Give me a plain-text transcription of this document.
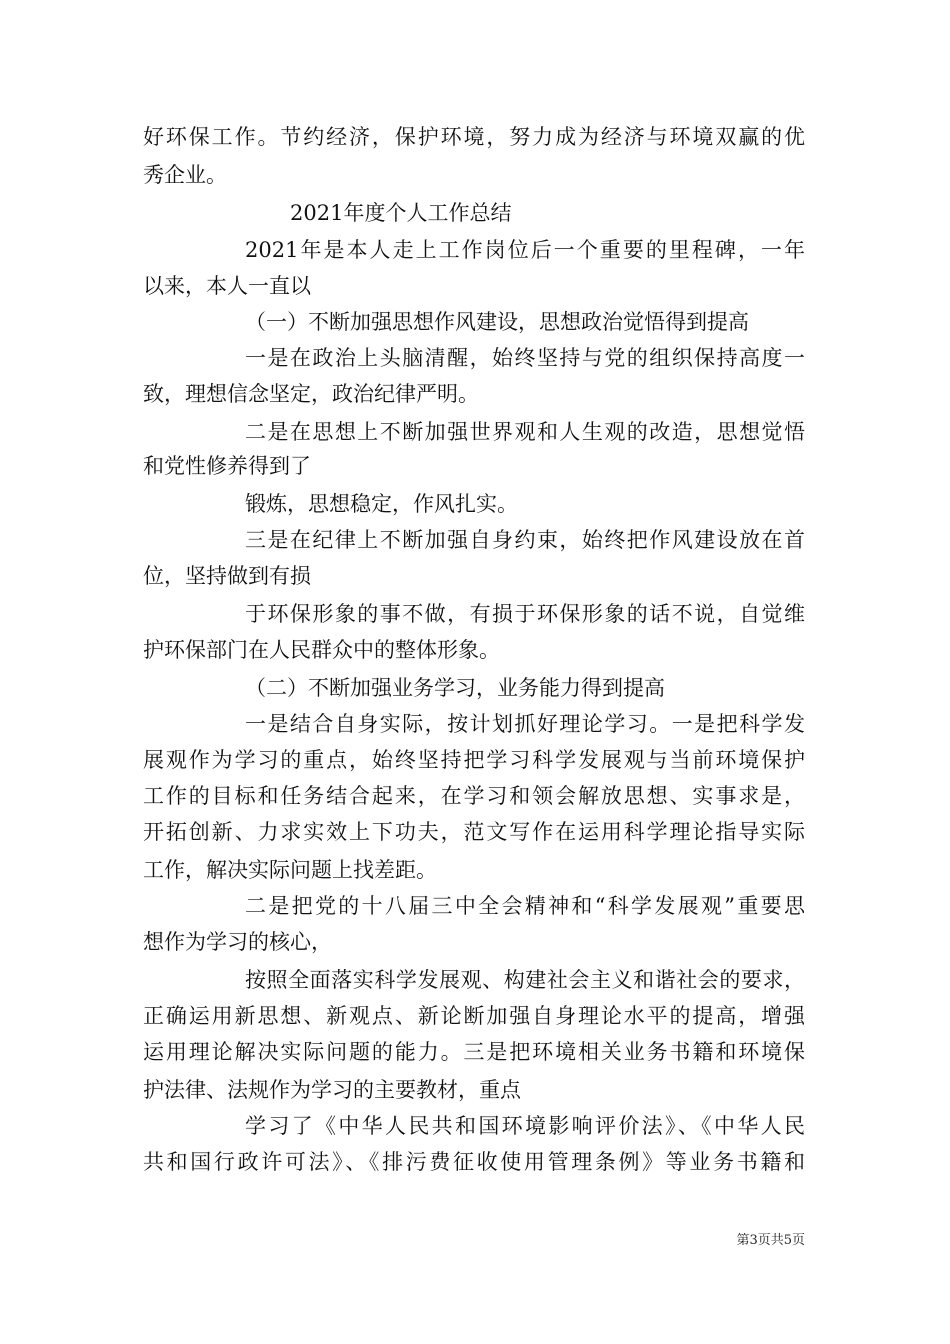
好环保工作。节约经济，保护环境，努力成为经济与环境双赢的优
秀企业。
2021年度个人工作总结
2021年是本人走上工作岗位后一个重要的里程碑，一年
以来，本人一直以
（一）不断加强思想作风建设，思想政治觉悟得到提高
一是在政治上头脑清醒，始终坚持与党的组织保持高度一
致，理想信念坚定，政治纪律严明。
二是在思想上不断加强世界观和人生观的改造，思想觉悟
和党性修养得到了
锻炼，思想稳定，作风扎实。
三是在纪律上不断加强自身约束，始终把作风建设放在首
位，坚持做到有损
于环保形象的事不做，有损于环保形象的话不说，自觉维
护环保部门在人民群众中的整体形象。
（二）不断加强业务学习，业务能力得到提高
一是结合自身实际，按计划抓好理论学习。一是把科学发
展观作为学习的重点，始终坚持把学习科学发展观与当前环境保护
工作的目标和任务结合起来，在学习和领会解放思想、实事求是，
开拓创新、力求实效上下功夫，范文写作在运用科学理论指导实际
工作，解决实际问题上找差距。
二是把党的十八届三中全会精神和“科学发展观”重要思
想作为学习的核心，
按照全面落实科学发展观、构建社会主义和谐社会的要求，
正确运用新思想、新观点、新论断加强自身理论水平的提高，增强
运用理论解决实际问题的能力。三是把环境相关业务书籍和环境保
护法律、法规作为学习的主要教材，重点
学习了《中华人民共和国环境影响评价法》、《中华人民
共和国行政许可法》、《排污费征收使用管理条例》等业务书籍和
第3页共5页
